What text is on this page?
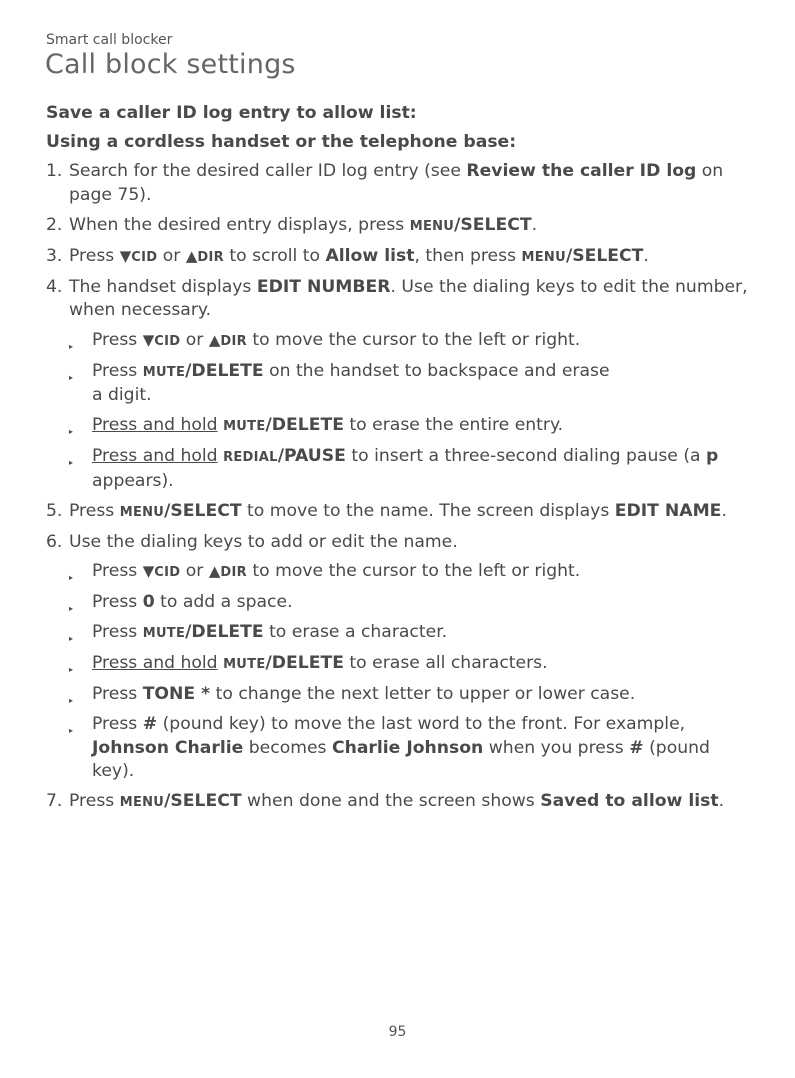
Smart call blocker
Call block settings
Save a caller ID log entry to allow list:
Using a cordless handset or the telephone base:
1. Search for the desired caller ID log entry (see Review the caller ID log on page 75).
2. When the desired entry displays, press MENU/SELECT.
3. Press ▼CID or ▲DIR to scroll to Allow list, then press MENU/SELECT.
4. The handset displays EDIT NUMBER. Use the dialing keys to edit the number, when necessary.
▸ Press ▼CID or ▲DIR to move the cursor to the left or right.
▸ Press MUTE/DELETE on the handset to backspace and erase
a digit.
▸ Press and hold MUTE/DELETE to erase the entire entry.
▸ Press and hold REDIAL/PAUSE to insert a three-second dialing pause (a p appears).
5. Press MENU/SELECT to move to the name. The screen displays EDIT NAME.
6. Use the dialing keys to add or edit the name.
▸ Press ▼CID or ▲DIR to move the cursor to the left or right.
▸ Press 0 to add a space.
▸ Press MUTE/DELETE to erase a character.
▸ Press and hold MUTE/DELETE to erase all characters.
▸ Press TONE * to change the next letter to upper or lower case.
▸ Press # (pound key) to move the last word to the front. For example,
Johnson Charlie becomes Charlie Johnson when you press # (pound key).
7. Press MENU/SELECT when done and the screen shows Saved to allow list.
95
